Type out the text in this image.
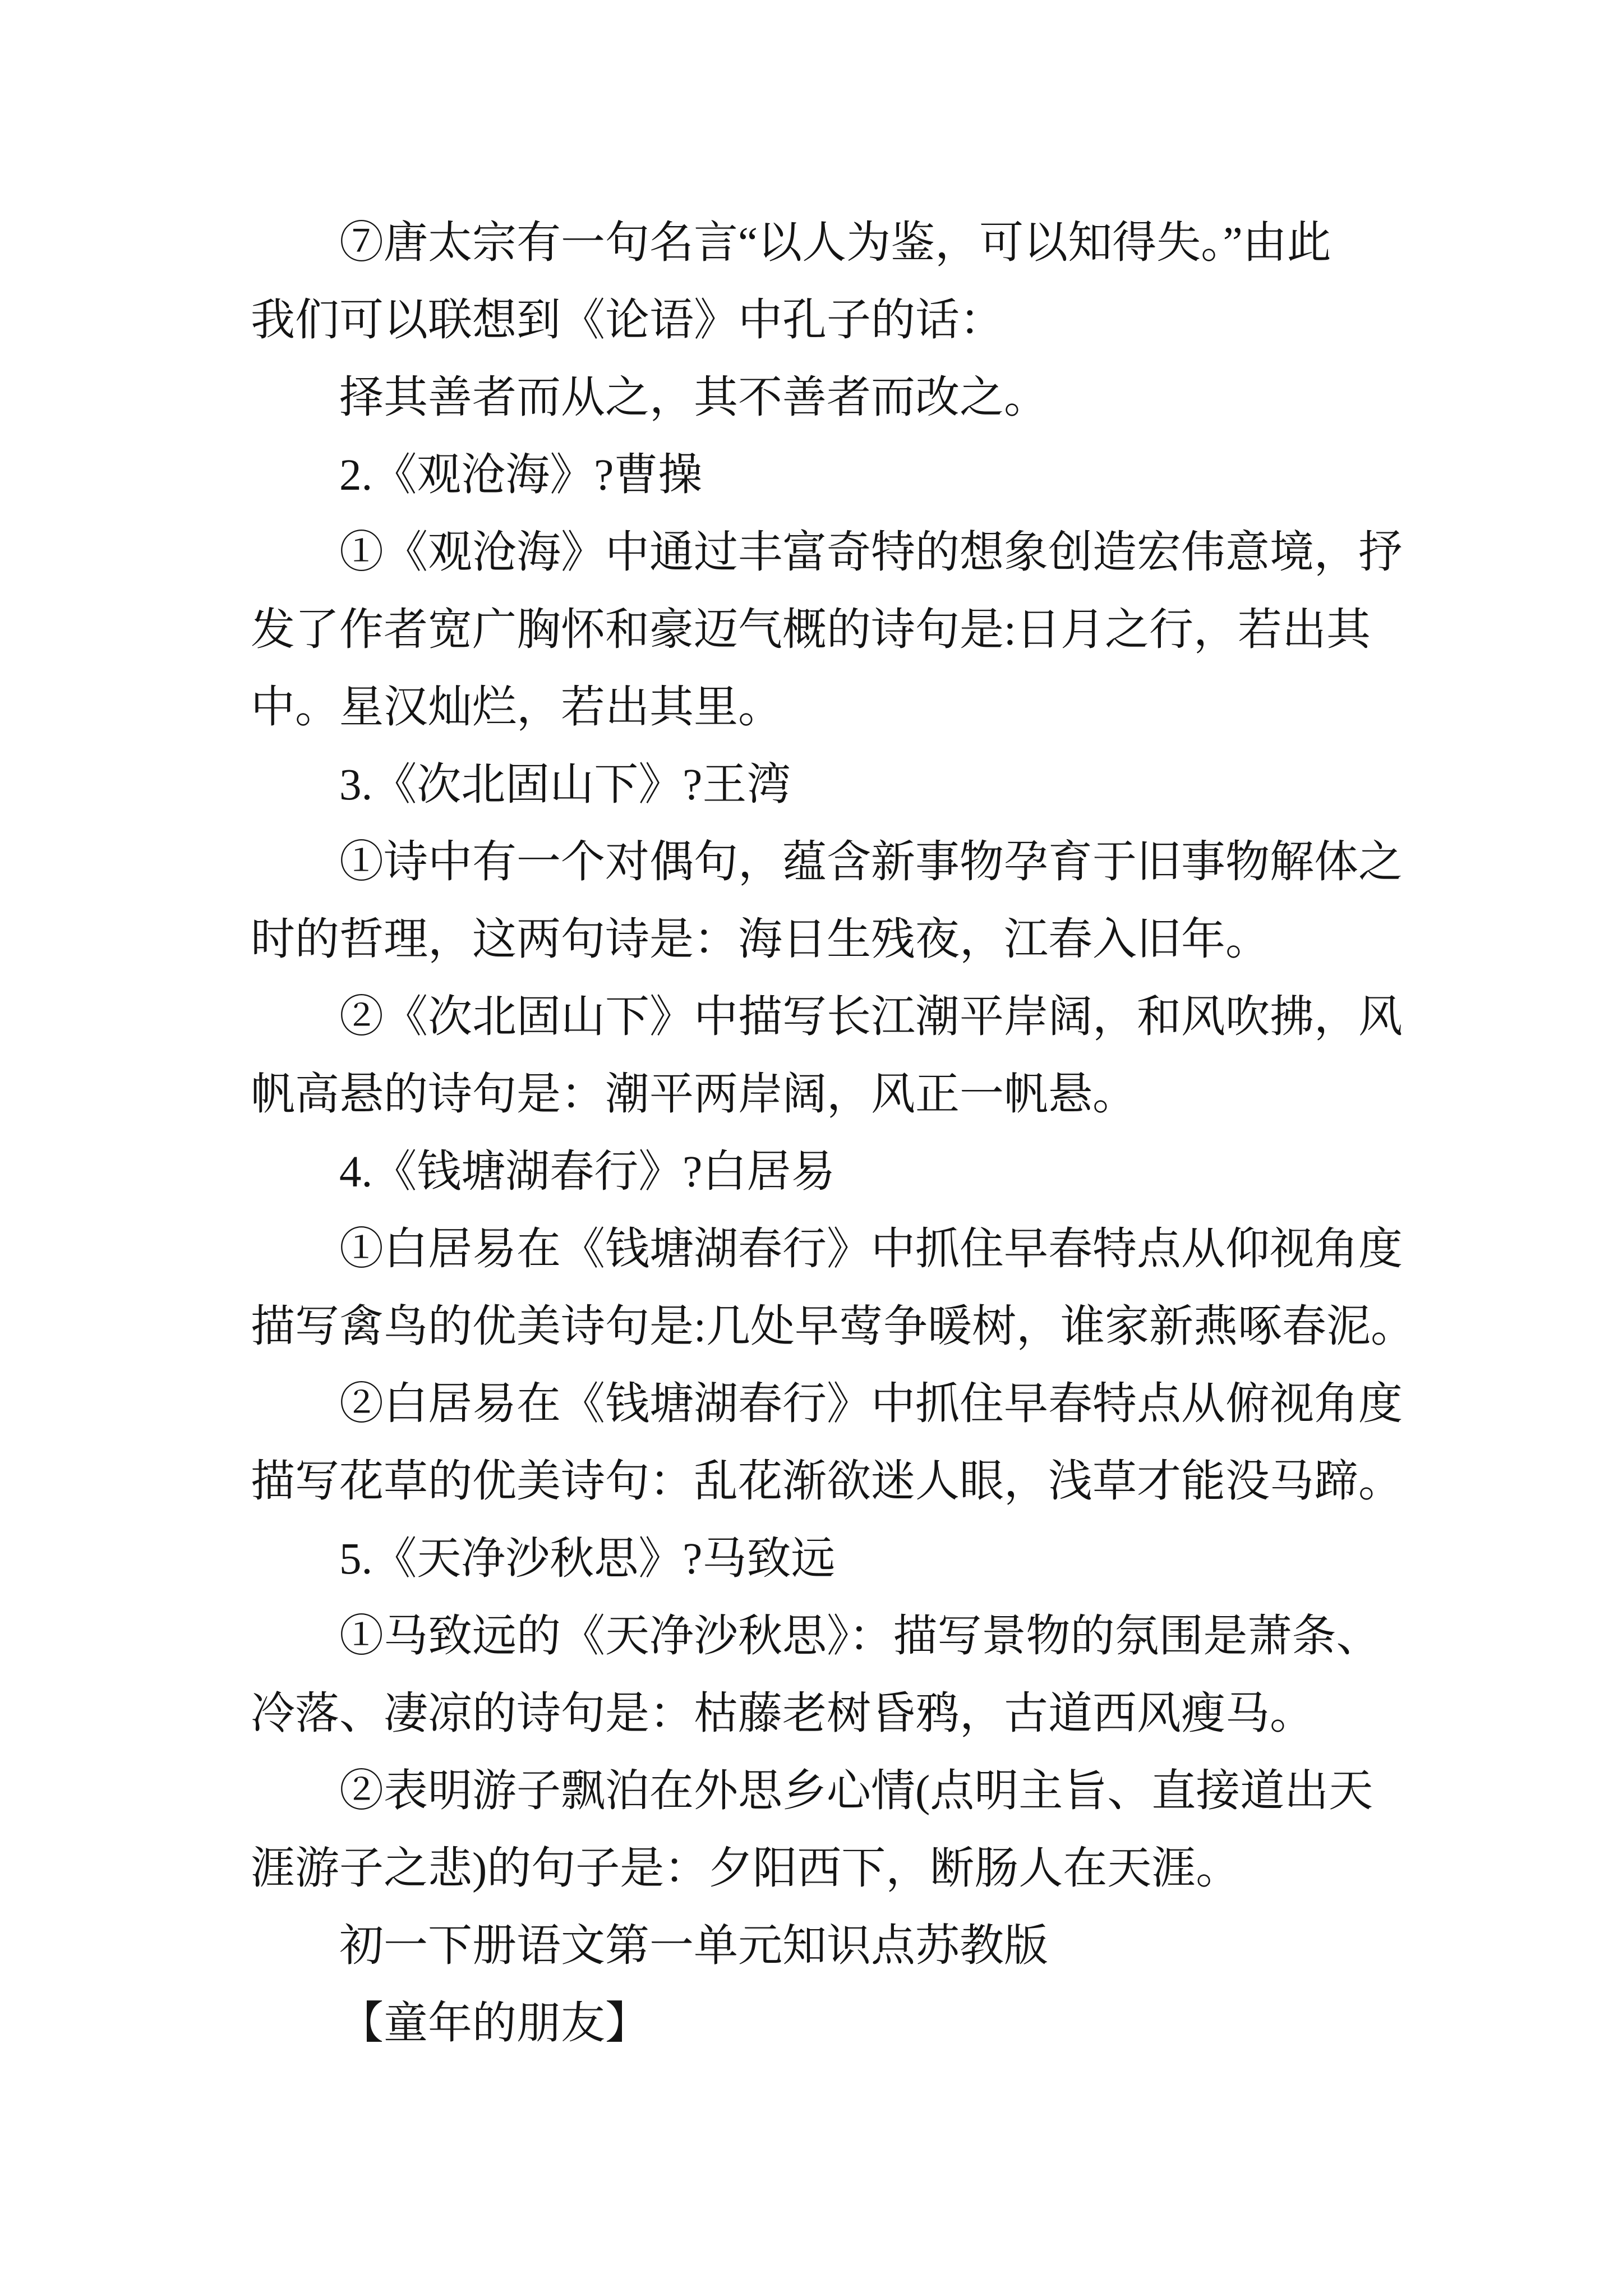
⑦唐太宗有一句名言“以人为鉴，可以知得失。”由此
我们可以联想到《论语》中孔子的话：
择其善者而从之，其不善者而改之。
2.《观沧海》?曹操
①《观沧海》中通过丰富奇特的想象创造宏伟意境，抒
发了作者宽广胸怀和豪迈气概的诗句是:日月之行，若出其
中。星汉灿烂，若出其里。
3.《次北固山下》?王湾
①诗中有一个对偶句，蕴含新事物孕育于旧事物解体之
时的哲理，这两句诗是：海日生残夜，江春入旧年。
②《次北固山下》中描写长江潮平岸阔，和风吹拂，风
帆高悬的诗句是：潮平两岸阔，风正一帆悬。
4.《钱塘湖春行》?白居易
①白居易在《钱塘湖春行》中抓住早春特点从仰视角度
描写禽鸟的优美诗句是:几处早莺争暖树，谁家新燕啄春泥。
②白居易在《钱塘湖春行》中抓住早春特点从俯视角度
描写花草的优美诗句：乱花渐欲迷人眼，浅草才能没马蹄。
5.《天净沙秋思》?马致远
①马致远的《天净沙秋思》：描写景物的氛围是萧条、
冷落、凄凉的诗句是：枯藤老树昏鸦，古道西风瘦马。
②表明游子飘泊在外思乡心情(点明主旨、直接道出天
涯游子之悲)的句子是：夕阳西下，断肠人在天涯。
初一下册语文第一单元知识点苏教版
【童年的朋友】
